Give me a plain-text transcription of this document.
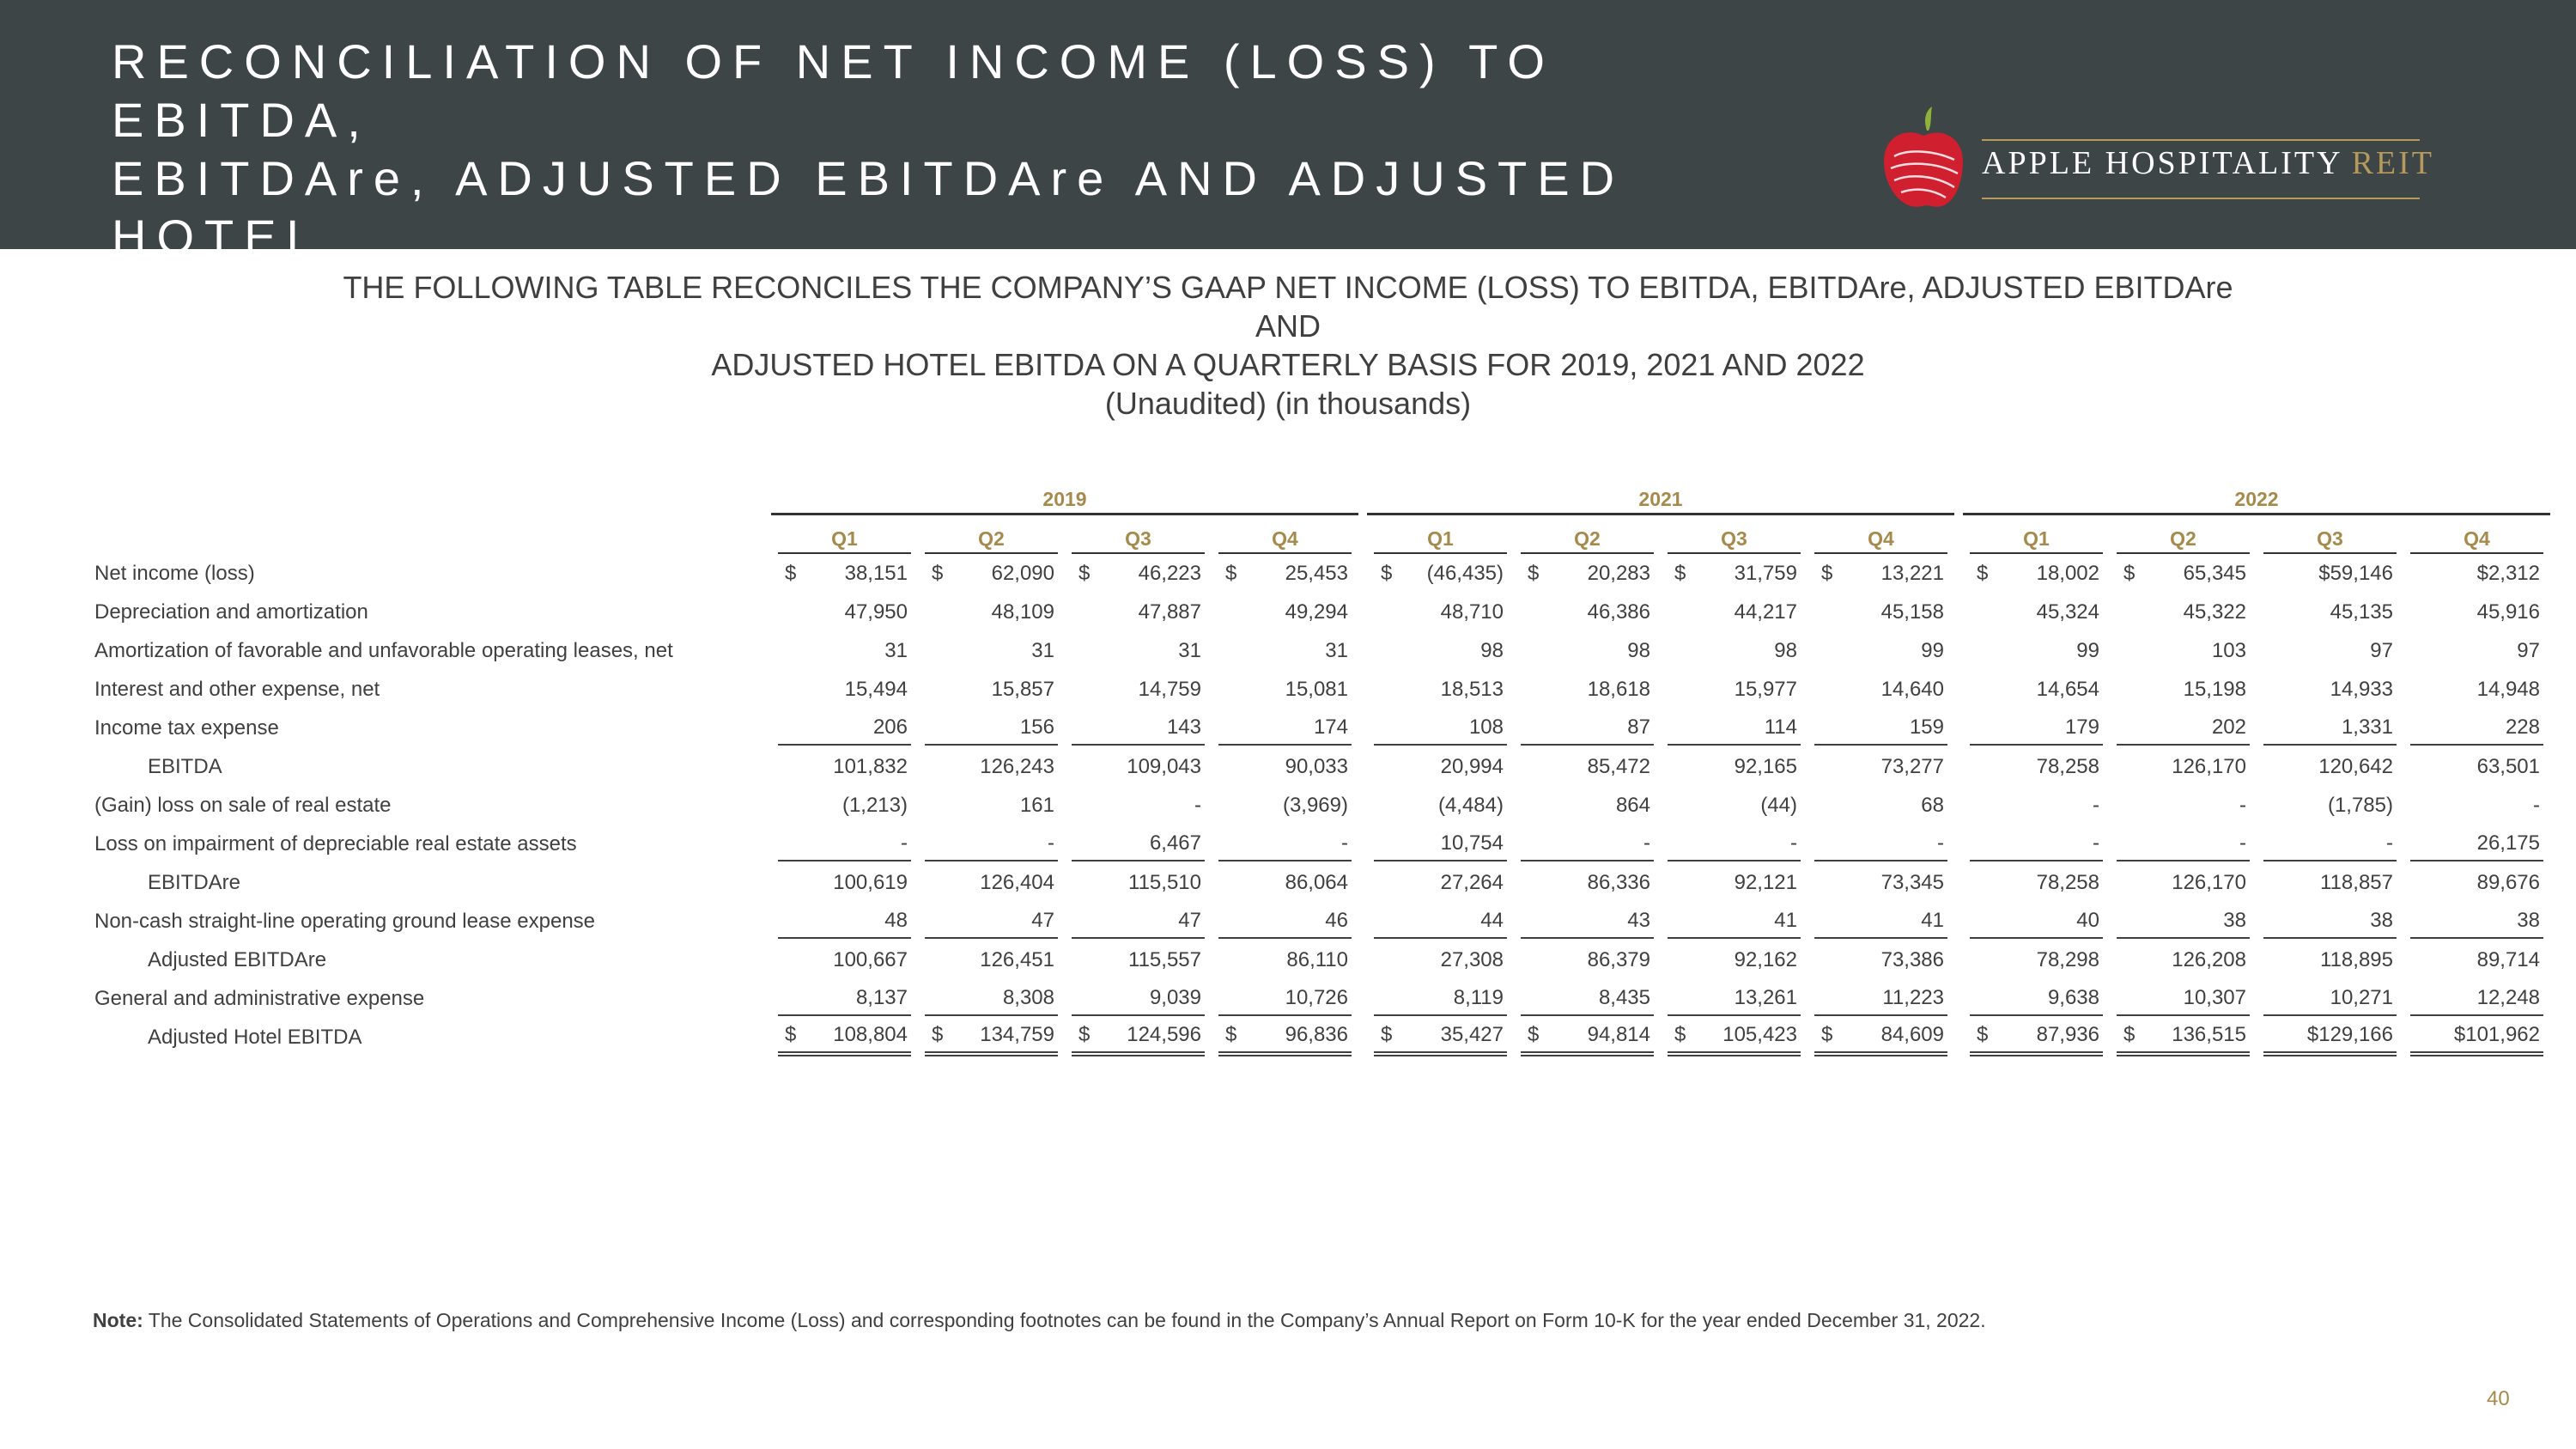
RECONCILIATION OF NET INCOME (LOSS) TO EBITDA,
EBITDAre, ADJUSTED EBITDAre AND ADJUSTED HOTEL
EBITDA
APPLE HOSPITALITY REIT
THE FOLLOWING TABLE RECONCILES THE COMPANY’S GAAP NET INCOME (LOSS) TO EBITDA, EBITDAre, ADJUSTED EBITDAre
AND
ADJUSTED HOTEL EBITDA ON A QUARTERLY BASIS FOR 2019, 2021 AND 2022
(Unaudited) (in thousands)

	2019					2021					2022			

	Q1	Q2	Q3	Q4		Q1	Q2	Q3	Q4		Q1	Q2	Q3	Q4

Net income (loss)	$ 38,151	$ 62,090	$ 46,223	$ 25,453		$ (46,435)	$ 20,283	$ 31,759	$ 13,221		$ 18,002	$ 65,345	$59,146	$2,312

Depreciation and amortization	47,950	48,109	47,887	49,294		48,710	46,386	44,217	45,158		45,324	45,322	45,135	45,916

Amortization of favorable and unfavorable operating leases, net	31	31	31	31		98	98	98	99		99	103	97	97

Interest and other expense, net	15,494	15,857	14,759	15,081		18,513	18,618	15,977	14,640		14,654	15,198	14,933	14,948

Income tax expense	206	156	143	174		108	87	114	159		179	202	1,331	228

EBITDA	101,832	126,243	109,043	90,033		20,994	85,472	92,165	73,277		78,258	126,170	120,642	63,501

(Gain) loss on sale of real estate	(1,213)	161	-	(3,969)		(4,484)	864	(44)	68		-	-	(1,785)	-

Loss on impairment of depreciable real estate assets	-	-	6,467	-		10,754	-	-	-		-	-	-	26,175

EBITDAre	100,619	126,404	115,510	86,064		27,264	86,336	92,121	73,345		78,258	126,170	118,857	89,676

Non-cash straight-line operating ground lease expense	48	47	47	46		44	43	41	41		40	38	38	38

Adjusted EBITDAre	100,667	126,451	115,557	86,110		27,308	86,379	92,162	73,386		78,298	126,208	118,895	89,714

General and administrative expense	8,137	8,308	9,039	10,726		8,119	8,435	13,261	11,223		9,638	10,307	10,271	12,248

Adjusted Hotel EBITDA	$ 108,804	$ 134,759	$ 124,596	$ 96,836		$ 35,427	$ 94,814	$ 105,423	$ 84,609		$ 87,936	$ 136,515	$129,166	$101,962
Note: The Consolidated Statements of Operations and Comprehensive Income (Loss) and corresponding footnotes can be found in the Company’s Annual Report on Form 10-K for the year ended December 31, 2022.
40
